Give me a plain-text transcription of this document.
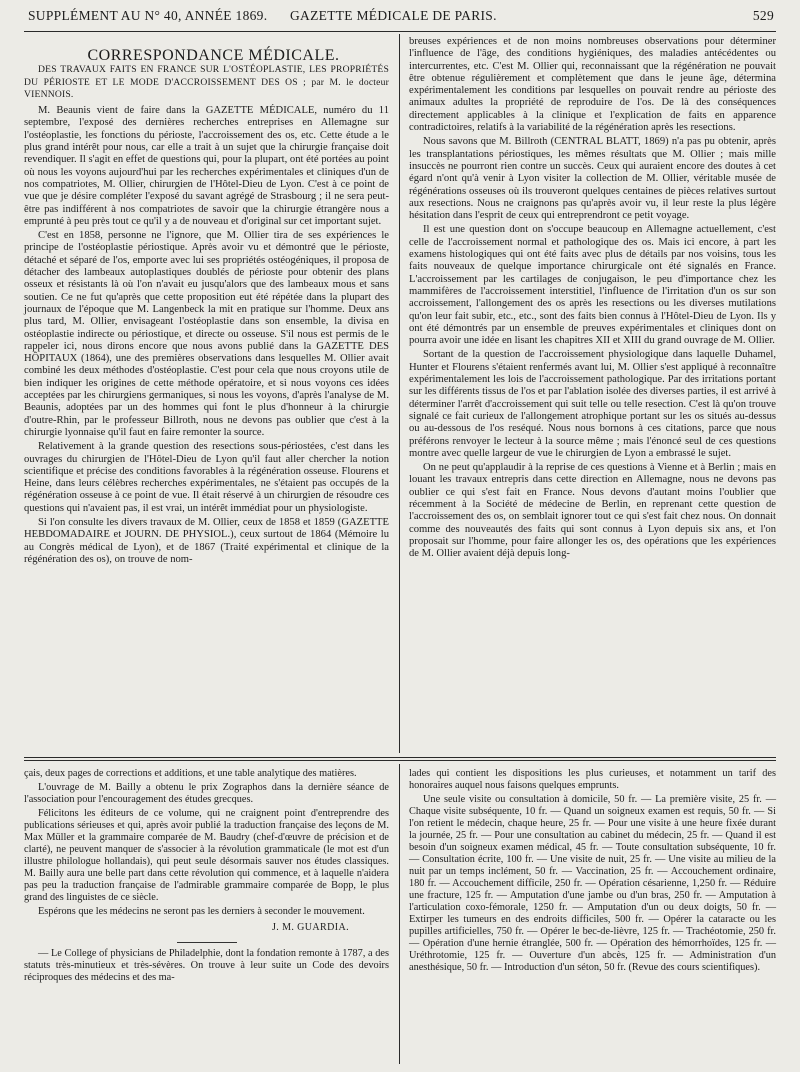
SUPPLÉMENT AU N° 40, ANNÉE 1869. GAZETTE MÉDICALE DE PARIS.	529

CORRESPONDANCE MÉDICALE.

DES TRAVAUX FAITS EN FRANCE SUR L'OSTÉOPLASTIE, LES PROPRIÉTÉS DU PÉRIOSTE ET LE MODE D'ACCROISSEMENT DES OS ; par M. le docteur VIENNOIS.

M. Beaunis vient de faire dans la GAZETTE MÉDICALE, numéro du 11 septembre, l'exposé des dernières recherches entreprises en Allemagne sur l'ostéoplastie, les fonctions du périoste, l'accroissement des os, etc. Cette étude a le plus grand intérêt pour nous, car elle a trait à un sujet que la chirurgie française doit revendiquer. Il s'agit en effet de questions qui, pour la plupart, ont été portées au point où nous les voyons aujourd'hui par les recherches expérimentales et cliniques d'un de nos compatriotes, M. Ollier, chirurgien de l'Hôtel-Dieu de Lyon. C'est à ce point de vue que je désire compléter l'exposé du savant agrégé de Strasbourg ; il ne sera peut-être pas indifférent à nos compatriotes de savoir que la chirurgie étrangère nous a emprunté à peu près tout ce qu'il y a de nouveau et d'original sur cet important sujet.

C'est en 1858, personne ne l'ignore, que M. Ollier tira de ses expériences le principe de l'ostéoplastie périostique. Après avoir vu et démontré que le périoste, détaché et séparé de l'os, emporte avec lui ses propriétés ostéogéniques, il proposa de détacher des lambeaux autoplastiques doublés de périoste pour obtenir des plans osseux et résistants là où l'on n'avait eu jusqu'alors que des lambeaux mous et sans soutien. Ce ne fut qu'après que cette proposition eut été répétée dans la plupart des journaux de l'époque que M. Langenbeck la mit en pratique sur l'homme. Deux ans plus tard, M. Ollier, envisageant l'ostéoplastie dans son ensemble, la divisa en ostéoplastie indirecte ou périostique, et directe ou osseuse. S'il nous est permis de le rappeler ici, nous dirons encore que nous avons publié dans la GAZETTE DES HÔPITAUX (1864), une des premières observations dans lesquelles M. Ollier avait combiné les deux méthodes d'ostéoplastie. C'est pour cela que nous croyons utile de bien indiquer les origines de cette méthode opératoire, et si nous voyons ces idées acceptées par les chirurgiens germaniques, si nous les voyons, d'après l'analyse de M. Beaunis, adoptées par un des hommes qui font le plus d'honneur à la chirurgie d'outre-Rhin, par le professeur Billroth, nous ne devons pas oublier que c'est à la chirurgie lyonnaise qu'il faut en faire remonter la source.

Relativement à la grande question des resections sous-périostées, c'est dans les ouvrages du chirurgien de l'Hôtel-Dieu de Lyon qu'il faut aller chercher la notion scientifique et précise des conditions favorables à la régénération osseuse. Flourens et Heine, dans leurs célèbres recherches expérimentales, ne s'étaient pas occupés de la régénération osseuse à ce point de vue. Il était réservé à un chirurgien de résoudre ces questions qui n'avaient pas, il est vrai, un intérêt immédiat pour un physiologiste.

Si l'on consulte les divers travaux de M. Ollier, ceux de 1858 et 1859 (GAZETTE HEBDOMADAIRE et JOURN. DE PHYSIOL.), ceux surtout de 1864 (Mémoire lu au Congrès médical de Lyon), et de 1867 (Traité expérimental et clinique de la régénération des os), on trouve de nom-

breuses expériences et de non moins nombreuses observations pour déterminer l'influence de l'âge, des conditions hygiéniques, des maladies antécédentes ou intercurrentes, etc. C'est M. Ollier qui, reconnaissant que la régénération ne pouvait être obtenue régulièrement et complètement que dans le jeune âge, détermina expérimentalement les conditions par lesquelles on pouvait rendre au périoste des animaux adultes la propriété de reproduire de l'os. De là des conséquences directement applicables à la clinique et l'explication de faits en apparence contradictoires, relatifs à la variabilité de la régénération après les resections.

Nous savons que M. Billroth (CENTRAL BLATT, 1869) n'a pas pu obtenir, après les transplantations périostiques, les mêmes résultats que M. Ollier ; mais mille insuccès ne pourront rien contre un succès. Ceux qui auraient encore des doutes à cet égard n'ont qu'à venir à Lyon visiter la collection de M. Ollier, véritable musée de régénérations osseuses où ils trouveront quelques centaines de pièces relatives surtout aux resections. Nous ne craignons pas qu'après avoir vu, il leur reste la plus légère hésitation dans l'esprit de ceux qui entreprendront ce petit voyage.

Il est une question dont on s'occupe beaucoup en Allemagne actuellement, c'est celle de l'accroissement normal et pathologique des os. Mais ici encore, à part les examens histologiques qui ont été faits avec plus de détails par nos voisins, tous les faits nouveaux de quelque importance chirurgicale ont été signalés en France. L'accroissement par les cartilages de conjugaison, le peu d'importance chez les mammifères de l'accroissement interstitiel, l'influence de l'irritation d'un os sur son accroissement, l'allongement des os après les resections ou les diverses mutilations qu'on leur fait subir, etc., etc., sont des faits bien connus à l'Hôtel-Dieu de Lyon. Ils y ont été démontrés par un ensemble de preuves expérimentales et cliniques dont on pourra avoir une idée en lisant les chapitres XII et XIII du grand ouvrage de M. Ollier.

Sortant de la question de l'accroissement physiologique dans laquelle Duhamel, Hunter et Flourens s'étaient renfermés avant lui, M. Ollier s'est appliqué à reconnaître expérimentalement les lois de l'accroissement pathologique. Par des irritations portant sur les différents tissus de l'os et par l'ablation isolée des diverses parties, il est arrivé à déterminer l'arrêt d'accroissement qui suit telle ou telle resection. C'est là qu'on trouve signalé ce fait curieux de l'allongement atrophique portant sur les os situés au-dessus ou au-dessous de l'os reséqué. Nous nous bornons à ces citations, parce que nous préférons renvoyer le lecteur à la source même ; mais l'énoncé seul de ces questions montre avec quelle largeur de vue le chirurgien de Lyon a embrassé le sujet.

On ne peut qu'applaudir à la reprise de ces questions à Vienne et à Berlin ; mais en louant les travaux entrepris dans cette direction en Allemagne, nous ne devons pas oublier ce qui s'est fait en France. Nous devons d'autant moins l'oublier que récemment à la Société de médecine de Berlin, en reprenant cette question de l'accroissement des os, on semblait ignorer tout ce qui s'est fait chez nous. On donnait comme des nouveautés des faits qui sont connus à Lyon depuis six ans, et l'on proposait sur l'homme, pour faire allonger les os, des opérations que les expériences de M. Ollier avaient déjà depuis long-

çais, deux pages de corrections et additions, et une table analytique des matières.

L'ouvrage de M. Bailly a obtenu le prix Zographos dans la dernière séance de l'association pour l'encouragement des études grecques.

Félicitons les éditeurs de ce volume, qui ne craignent point d'entreprendre des publications sérieuses et qui, après avoir publié la traduction française des leçons de M. Max Müller et la grammaire comparée de M. Baudry (chef-d'œuvre de précision et de clarté), ne peuvent manquer de s'associer à la révolution grammaticale (le mot est d'un illustre philologue hollandais), qui peut seule désormais sauver nos études classiques. M. Bailly aura une belle part dans cette révolution qui commence, et à laquelle n'aidera pas peu la traduction française de l'admirable grammaire comparée de Bopp, le plus grand des linguistes de ce siècle.

Espérons que les médecins ne seront pas les derniers à seconder le mouvement.

J. M. GUARDIA.

— Le College of physicians de Philadelphie, dont la fondation remonte à 1787, a des statuts très-minutieux et très-sévères. On trouve à leur suite un Code des devoirs réciproques des médecins et des ma-

lades qui contient les dispositions les plus curieuses, et notamment un tarif des honoraires auquel nous faisons quelques emprunts.

Une seule visite ou consultation à domicile, 50 fr. — La première visite, 25 fr. — Chaque visite subséquente, 10 fr. — Quand un soigneux examen est requis, 50 fr. — Si l'on retient le médecin, chaque heure, 25 fr. — Pour une visite à une heure fixée durant la journée, 25 fr. — Pour une consultation au cabinet du médecin, 25 fr. — Quand il est besoin d'un soigneux examen médical, 45 fr. — Toute consultation subséquente, 10 fr. — Consultation écrite, 100 fr. — Une visite de nuit, 25 fr. — Une visite au milieu de la nuit par un temps inclément, 50 fr. — Vaccination, 25 fr. — Accouchement ordinaire, 180 fr. — Accouchement difficile, 250 fr. — Opération césarienne, 1,250 fr. — Réduire une fracture, 125 fr. — Amputation d'une jambe ou d'un bras, 250 fr. — Amputation à l'articulation coxo-fémorale, 1250 fr. — Amputation d'un ou deux doigts, 50 fr. — Extirper les tumeurs en des endroits difficiles, 500 fr. — Opérer la cataracte ou les pupilles artificielles, 750 fr. — Opérer le bec-de-lièvre, 125 fr. — Trachéotomie, 250 fr. — Opération d'une hernie étranglée, 500 fr. — Opération des hémorrhoïdes, 125 fr. — Uréthrotomie, 125 fr. — Ouverture d'un abcès, 125 fr. — Administration d'un anesthésique, 50 fr. — Introduction d'un séton, 50 fr. (Revue des cours scientifiques).
